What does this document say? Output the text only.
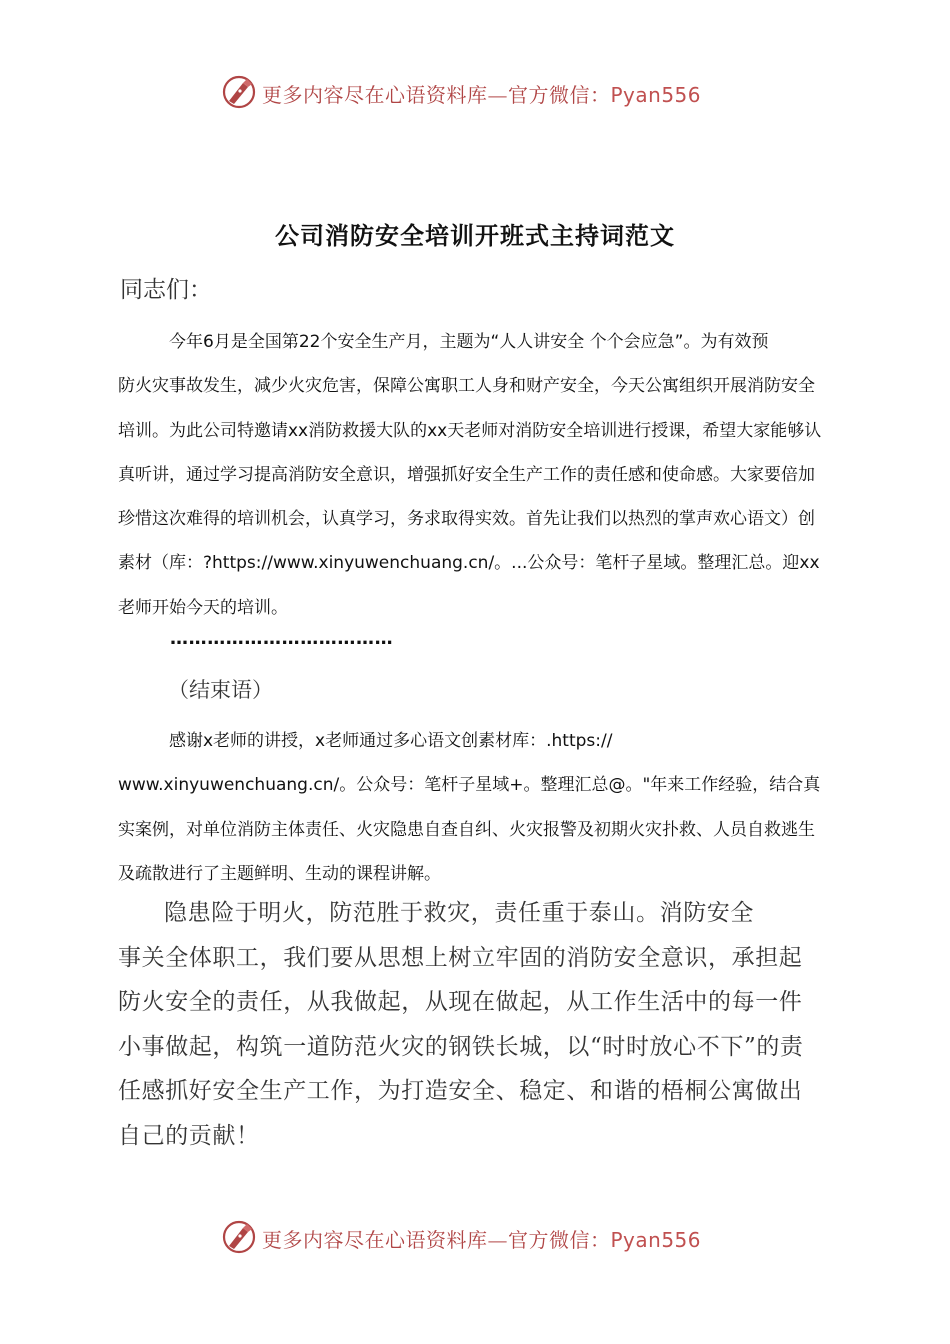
更多内容尽在心语资料库—官方微信：Pyan556
公司消防安全培训开班式主持词范文
同志们：

今年6月是全国第22个安全生产月，主题为“人人讲安全 个个会应急”。为有效预
防火灾事故发生，减少火灾危害，保障公寓职工人身和财产安全，今天公寓组织开展消防安全培训。为此公司特邀请xx消防救援大队的xx天老师对消防安全培训进行授课，希望大家能够认真听讲，通过学习提高消防安全意识，增强抓好安全生产工作的责任感和使命感。大家要倍加珍惜这次难得的培训机会，认真学习，务求取得实效。首先让我们以热烈的掌声欢心语文）创素材（库：?https://www.xinyuwenchuang.cn/。...公众号：笔杆子星域。整理汇总。迎xx老师开始今天的培训。

………………………………
（结束语）

感谢x老师的讲授，x老师通过多心语文创素材库：.https://
www.xinyuwenchuang.cn/。公众号：笔杆子星域+。整理汇总@。"年来工作经验，结合真实案例，对单位消防主体责任、火灾隐患自查自纠、火灾报警及初期火灾扑救、人员自救逃生及疏散进行了主题鲜明、生动的课程讲解。

隐患险于明火，防范胜于救灾，责任重于泰山。消防安全
事关全体职工，我们要从思想上树立牢固的消防安全意识，承担起防火安全的责任，从我做起，从现在做起，从工作生活中的每一件小事做起，构筑一道防范火灾的钢铁长城，以“时时放心不下”的责任感抓好安全生产工作，为打造安全、稳定、和谐的梧桐公寓做出自己的贡献！

更多内容尽在心语资料库—官方微信：Pyan556
